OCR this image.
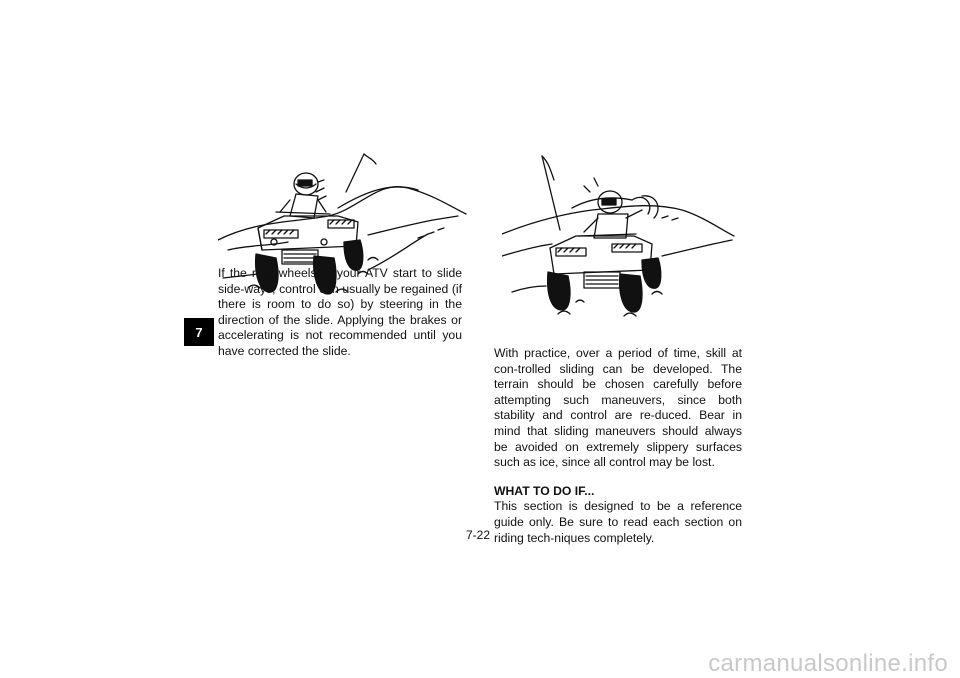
7

If the rear wheels of your ATV start to slide side-ways, control can usually be regained (if there is room to do so) by steering in the direction of the slide. Applying the brakes or accelerating is not recommended until you have corrected the slide.	With practice, over a period of time, skill at con-trolled sliding can be developed. The terrain should be chosen carefully before attempting such maneuvers, since both stability and control are re-duced. Bear in mind that sliding maneuvers should always be avoided on extremely slippery surfaces such as ice, since all control may be lost.

WHAT TO DO IF...

This section is designed to be a reference guide only. Be sure to read each section on riding tech-niques completely.

7-22
carmanualsonline.info
